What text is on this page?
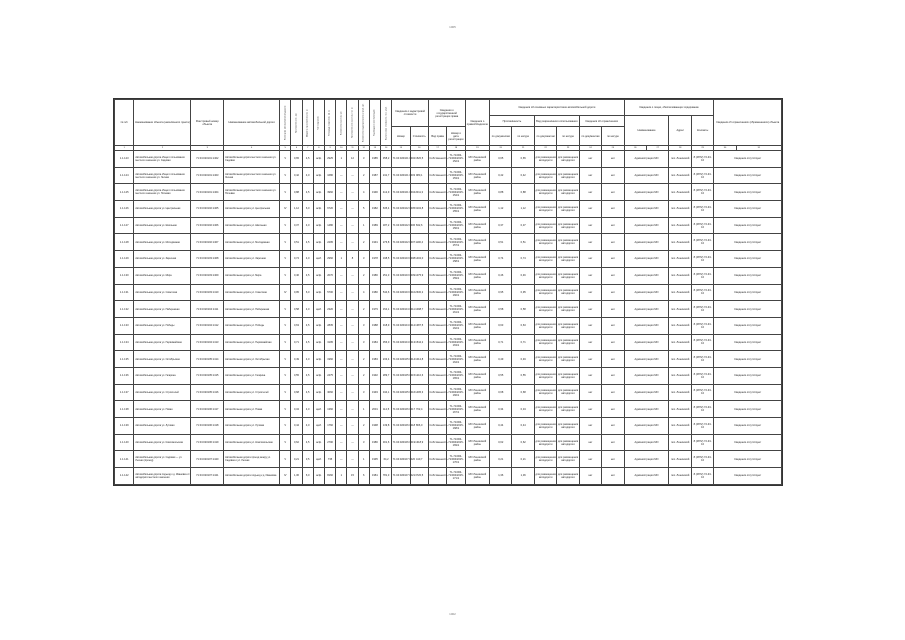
1005
№ п/п	Наименование объекта (населённого пункта)	Реестровый номер объекта	Наименование автомобильной дороги	Категория автомобильной дороги	Протяжённость, км	Ширина проезжей части, м	Тип покрытия	Площадь покрытия, кв. м	Количество мостов, шт.	Протяжённость мостов, пог. м	Количество водопропускных труб, шт.	Год ввода в эксплуатацию	Балансовая стоимость, тыс. руб.	Сведения о кадастровой стоимости		Сведения о государственной регистрации права		Сведения о правообладателе	Сведения об основных характеристиках автомобильной дороги						Сведения о лицах, обеспечивающих содержание				Сведения об ограничениях (обременениях) объекта	
																			Протяжённость		Вид разрешённого использования		Сведения об ограничениях		Наименование		Адрес	Контакты		
														Номер	Стоимость	Вид права	Номер и дата регистрации		по документам	по натуре	по документам	по натуре	по документам	по натуре						
1	2	3	4	5	6	7	8	9	10	11	12	13	14	15	16	17	18	19	20	21	22	23	24	25	26	27	28	29	30	31
1.1.123	Автомобильная дорога общего пользования местного значения ул. Садовая	71:04:020101:1402	Автомобильная дорога местного значения ул. Садовая	V	0,65	4,5	асф.	2925	1	12	3	1985	358,2	71:04:020101:1402	1520,5	Собственность	71-71/004-71/004/2015-152/1	МО Ленинский район	0,65	0,65	для размещения автодороги	для размещения автодороги	нет	нет	Администрация МО		пос. Ленинский	8 (4872) 72-33-10	Сведения отсутствуют	
1.1.124	Автомобильная дорога общего пользования местного значения ул. Лесная	71:04:020101:1403	Автомобильная дорога местного значения ул. Лесная	V	0,42	4,0	асф.	1680	—	—	2	1987	241,7	71:04:020101:1403	980,1	Собственность	71-71/004-71/004/2015-153/1	МО Ленинский район	0,42	0,42	для размещения автодороги	для размещения автодороги	нет	нет	Администрация МО		пос. Ленинский	8 (4872) 72-33-10	Сведения отсутствуют	
1.1.125	Автомобильная дорога общего пользования местного значения ул. Полевая	71:04:020101:1404	Автомобильная дорога местного значения ул. Полевая	V	0,88	4,5	асф.	3960	—	—	4	1990	412,9	71:04:020101:1404	2011,3	Собственность	71-71/004-71/004/2015-154/1	МО Ленинский район	0,88	0,88	для размещения автодороги	для размещения автодороги	нет	нет	Администрация МО		пос. Ленинский	8 (4872) 72-33-10	Сведения отсутствуют	
1.1.126	Автомобильная дорога ул. Центральная	71:04:020102:1405	Автомобильная дорога ул. Центральная	IV	1,12	6,0	асф.	6720	—	—	5	1982	635,4	71:04:020102:1405	3102,8	Собственность	71-71/004-71/004/2015-155/1	МО Ленинский район	1,12	1,12	для размещения автодороги	для размещения автодороги	нет	нет	Администрация МО		пос. Ленинский	8 (4872) 72-33-10	Сведения отсутствуют	
1.1.127	Автомобильная дорога ул. Школьная	71:04:020102:1406	Автомобильная дорога ул. Школьная	V	0,37	4,0	асф.	1480	—	—	1	1989	187,2	71:04:020102:1406	842,6	Собственность	71-71/004-71/004/2015-156/1	МО Ленинский район	0,37	0,37	для размещения автодороги	для размещения автодороги	нет	нет	Администрация МО		пос. Ленинский	8 (4872) 72-33-10	Сведения отсутствуют	
1.1.128	Автомобильная дорога ул. Молодёжная	71:04:020102:1407	Автомобильная дорога ул. Молодёжная	V	0,51	4,5	асф.	2295	—	—	2	1991	276,8	71:04:020102:1407	1190,4	Собственность	71-71/004-71/004/2015-157/1	МО Ленинский район	0,51	0,51	для размещения автодороги	для размещения автодороги	нет	нет	Администрация МО		пос. Ленинский	8 (4872) 72-33-10	Сведения отсутствуют	
1.1.129	Автомобильная дорога ул. Заречная	71:04:020103:1408	Автомобильная дорога ул. Заречная	V	0,74	4,0	щеб.	2960	1	8	3	1978	198,5	71:04:020103:1408	1402,0	Собственность	71-71/004-71/004/2015-158/1	МО Ленинский район	0,74	0,74	для размещения автодороги	для размещения автодороги	нет	нет	Администрация МО		пос. Ленинский	8 (4872) 72-33-10	Сведения отсутствуют	
1.1.130	Автомобильная дорога ул. Мира	71:04:020103:1409	Автомобильная дорога ул. Мира	V	0,46	4,5	асф.	2070	—	—	2	1986	251,3	71:04:020103:1409	1075,9	Собственность	71-71/004-71/004/2015-159/1	МО Ленинский район	0,46	0,46	для размещения автодороги	для размещения автодороги	нет	нет	Администрация МО		пос. Ленинский	8 (4872) 72-33-10	Сведения отсутствуют	
1.1.131	Автомобильная дорога ул. Советская	71:04:020103:1410	Автомобильная дорога ул. Советская	IV	0,95	6,0	асф.	5700	—	—	4	1980	544,6	71:04:020103:1410	2630,2	Собственность	71-71/004-71/004/2015-160/1	МО Ленинский район	0,95	0,95	для размещения автодороги	для размещения автодороги	нет	нет	Администрация МО		пос. Ленинский	8 (4872) 72-33-10	Сведения отсутствуют	
1.1.132	Автомобильная дорога ул. Набережная	71:04:020104:1411	Автомобильная дорога ул. Набережная	V	0,58	4,0	щеб.	2320	—	—	2	1979	154,1	71:04:020104:1411	1098,7	Собственность	71-71/004-71/004/2015-161/1	МО Ленинский район	0,58	0,58	для размещения автодороги	для размещения автодороги	нет	нет	Администрация МО		пос. Ленинский	8 (4872) 72-33-10	Сведения отсутствуют	
1.1.133	Автомобильная дорога ул. Победы	71:04:020104:1412	Автомобильная дорога ул. Победы	V	0,63	4,5	асф.	2835	—	—	3	1988	318,9	71:04:020104:1412	1387,5	Собственность	71-71/004-71/004/2015-162/1	МО Ленинский район	0,63	0,63	для размещения автодороги	для размещения автодороги	нет	нет	Администрация МО		пос. Ленинский	8 (4872) 72-33-10	Сведения отсутствуют	
1.1.134	Автомобильная дорога ул. Первомайская	71:04:020104:1413	Автомобильная дорога ул. Первомайская	V	0,71	4,5	асф.	3195	—	—	3	1984	356,0	71:04:020104:1413	1544,2	Собственность	71-71/004-71/004/2015-163/1	МО Ленинский район	0,71	0,71	для размещения автодороги	для размещения автодороги	нет	нет	Администрация МО		пос. Ленинский	8 (4872) 72-33-10	Сведения отсутствуют	
1.1.135	Автомобильная дорога ул. Октябрьская	71:04:020105:1414	Автомобильная дорога ул. Октябрьская	V	0,49	4,0	асф.	1960	—	—	2	1983	233,4	71:04:020105:1414	1012,8	Собственность	71-71/004-71/004/2015-164/1	МО Ленинский район	0,49	0,49	для размещения автодороги	для размещения автодороги	нет	нет	Администрация МО		пос. Ленинский	8 (4872) 72-33-10	Сведения отсутствуют	
1.1.136	Автомобильная дорога ул. Гагарина	71:04:020105:1415	Автомобильная дорога ул. Гагарина	V	0,55	4,5	асф.	2475	—	—	2	1992	289,7	71:04:020105:1415	1210,6	Собственность	71-71/004-71/004/2015-165/1	МО Ленинский район	0,55	0,55	для размещения автодороги	для размещения автодороги	нет	нет	Администрация МО		пос. Ленинский	8 (4872) 72-33-10	Сведения отсутствуют	
1.1.137	Автомобильная дорога ул. Строителей	71:04:020105:1416	Автомобильная дорога ул. Строителей	V	0,68	4,5	асф.	3060	—	—	3	1993	344,1	71:04:020105:1416	1495,3	Собственность	71-71/004-71/004/2015-166/1	МО Ленинский район	0,68	0,68	для размещения автодороги	для размещения автодороги	нет	нет	Администрация МО		пос. Ленинский	8 (4872) 72-33-10	Сведения отсутствуют	
1.1.138	Автомобильная дорога ул. Новая	71:04:020106:1417	Автомобильная дорога ул. Новая	V	0,34	4,0	щеб.	1360	—	—	1	2001	112,5	71:04:020106:1417	702,4	Собственность	71-71/004-71/004/2015-167/1	МО Ленинский район	0,34	0,34	для размещения автодороги	для размещения автодороги	нет	нет	Администрация МО		пос. Ленинский	8 (4872) 72-33-10	Сведения отсутствуют	
1.1.139	Автомобильная дорога ул. Луговая	71:04:020106:1418	Автомобильная дорога ул. Луговая	V	0,44	4,0	щеб.	1760	—	—	2	1998	139,8	71:04:020106:1418	866,0	Собственность	71-71/004-71/004/2015-168/1	МО Ленинский район	0,44	0,44	для размещения автодороги	для размещения автодороги	нет	нет	Администрация МО		пос. Ленинский	8 (4872) 72-33-10	Сведения отсутствуют	
1.1.140	Автомобильная дорога ул. Комсомольская	71:04:020106:1419	Автомобильная дорога ул. Комсомольская	V	0,62	4,5	асф.	2790	—	—	3	1986	301,6	71:04:020106:1419	1318,9	Собственность	71-71/004-71/004/2015-169/1	МО Ленинский район	0,62	0,62	для размещения автодороги	для размещения автодороги	нет	нет	Администрация МО		пос. Ленинский	8 (4872) 72-33-10	Сведения отсутствуют	
1.1.141	Автомобильная дорога ул. Садовая — ул. Лесная (проезд)	71:04:020107:1420	Автомобильная дорога проезд между ул. Садовая и ул. Лесная	V	0,21	3,5	щеб.	735	—	—	1	1995	64,2	71:04:020107:1420	410,7	Собственность	71-71/004-71/004/2015-170/1	МО Ленинский район	0,21	0,21	для размещения автодороги	для размещения автодороги	нет	нет	Администрация МО		пос. Ленинский	8 (4872) 72-33-10	Сведения отсутствуют	
1.1.142	Автомобильная дорога подъезд к д. Ивановка от автодороги местного значения	71:04:020107:1421	Автомобильная дорога подъезд к д. Ивановка	IV	1,36	6,0	асф.	8160	1	15	6	1981	781,3	71:04:020107:1421	3720,5	Собственность	71-71/004-71/004/2015-171/1	МО Ленинский район	1,36	1,36	для размещения автодороги	для размещения автодороги	нет	нет	Администрация МО		пос. Ленинский	8 (4872) 72-33-10	Сведения отсутствуют	
1002
